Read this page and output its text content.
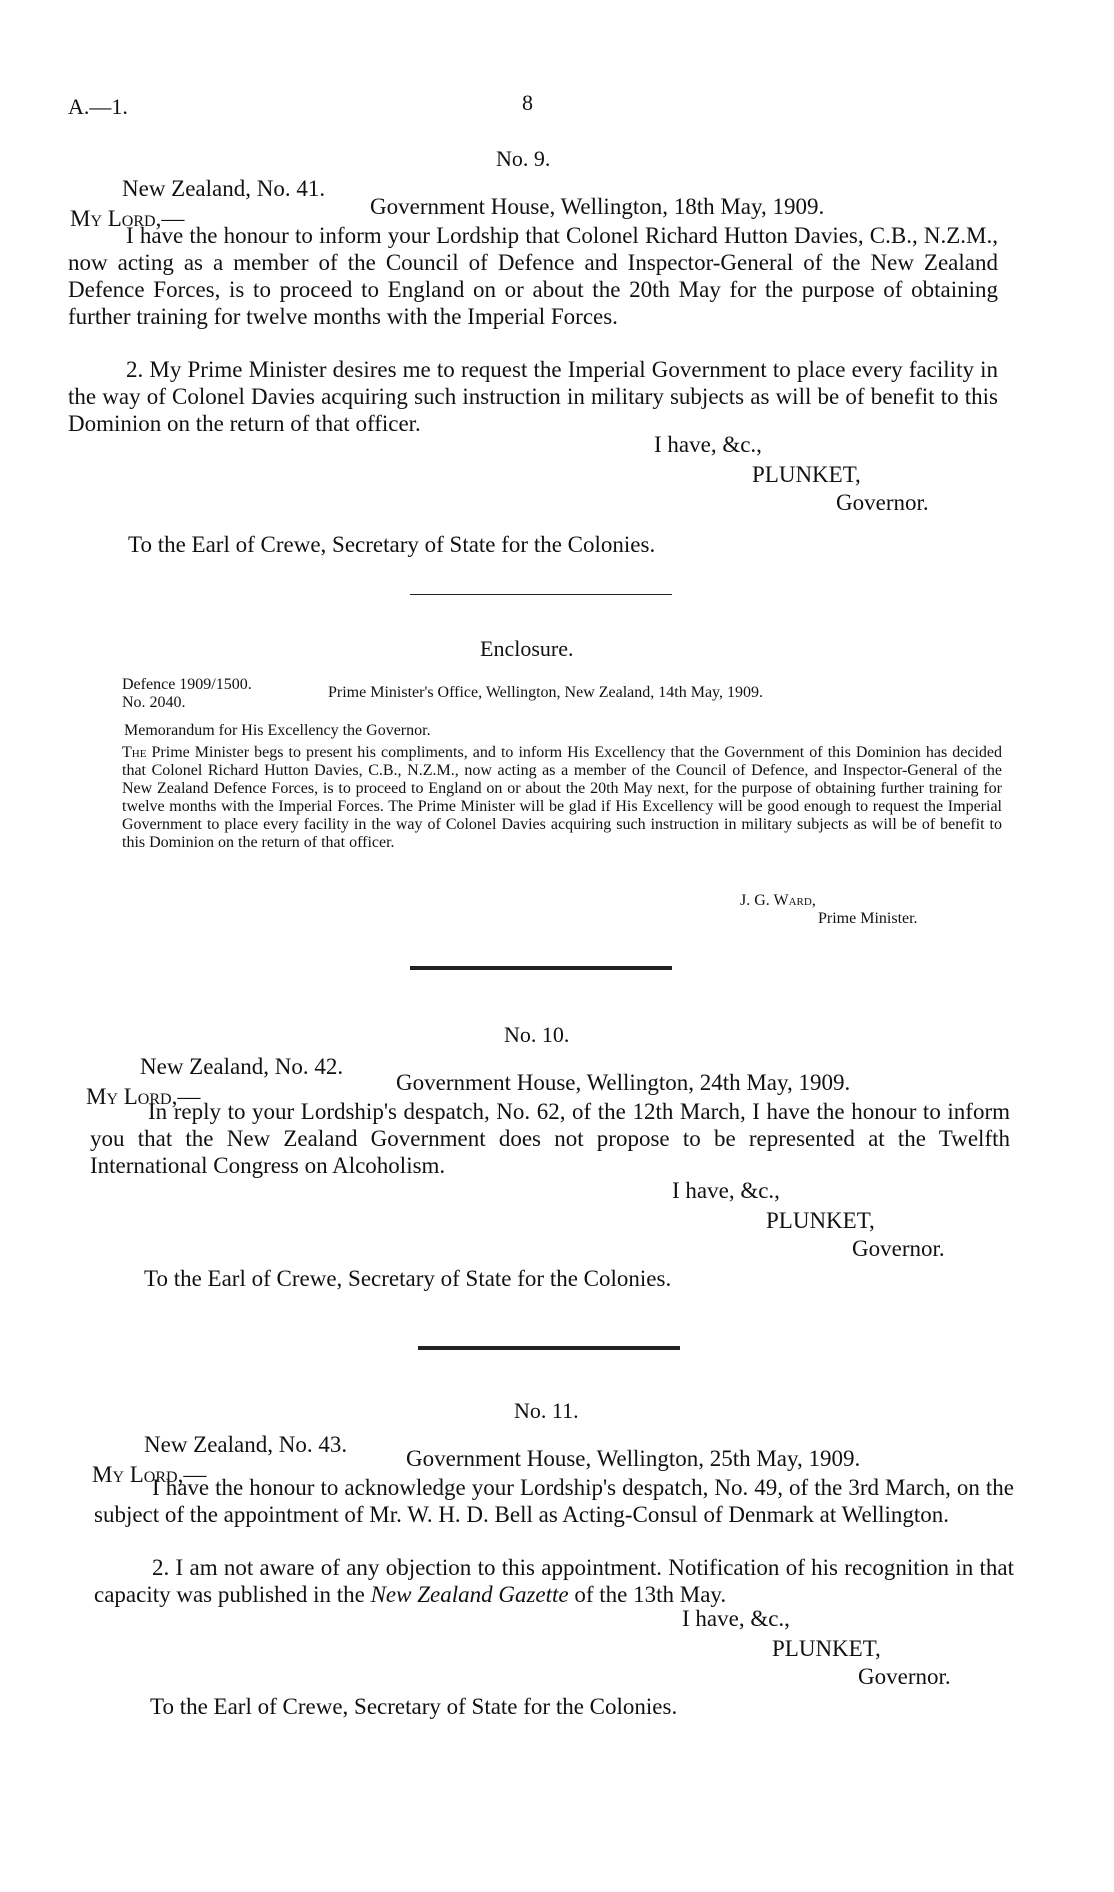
A.—1.	8
No. 9.
New Zealand, No. 41.
My Lord,—	Government House, Wellington, 18th May, 1909.
I have the honour to inform your Lordship that Colonel Richard Hutton Davies, C.B., N.Z.M., now acting as a member of the Council of Defence and Inspector-General of the New Zealand Defence Forces, is to proceed to England on or about the 20th May for the purpose of obtaining further training for twelve months with the Imperial Forces.
2. My Prime Minister desires me to request the Imperial Government to place every facility in the way of Colonel Davies acquiring such instruction in military subjects as will be of benefit to this Dominion on the return of that officer.
I have, &c.,
PLUNKET,
Governor.
To the Earl of Crewe, Secretary of State for the Colonies.
Enclosure.
Defence 1909/1500.
No. 2040.
Prime Minister's Office, Wellington, New Zealand, 14th May, 1909.
Memorandum for His Excellency the Governor.
The Prime Minister begs to present his compliments, and to inform His Excellency that the Government of this Dominion has decided that Colonel Richard Hutton Davies, C.B., N.Z.M., now acting as a member of the Council of Defence, and Inspector-General of the New Zealand Defence Forces, is to proceed to England on or about the 20th May next, for the purpose of obtaining further training for twelve months with the Imperial Forces. The Prime Minister will be glad if His Excellency will be good enough to request the Imperial Government to place every facility in the way of Colonel Davies acquiring such instruction in military subjects as will be of benefit to this Dominion on the return of that officer.
J. G. Ward,
Prime Minister.
No. 10.
New Zealand, No. 42.
My Lord,—
Government House, Wellington, 24th May, 1909.
In reply to your Lordship's despatch, No. 62, of the 12th March, I have the honour to inform you that the New Zealand Government does not propose to be represented at the Twelfth International Congress on Alcoholism.
I have, &c.,
PLUNKET,
Governor.
To the Earl of Crewe, Secretary of State for the Colonies.
No. 11.
New Zealand, No. 43.
My Lord,—
Government House, Wellington, 25th May, 1909.
I have the honour to acknowledge your Lordship's despatch, No. 49, of the 3rd March, on the subject of the appointment of Mr. W. H. D. Bell as Acting-Consul of Denmark at Wellington.
2. I am not aware of any objection to this appointment. Notification of his recognition in that capacity was published in the New Zealand Gazette of the 13th May.
I have, &c.,
PLUNKET,
Governor.
To the Earl of Crewe, Secretary of State for the Colonies.
